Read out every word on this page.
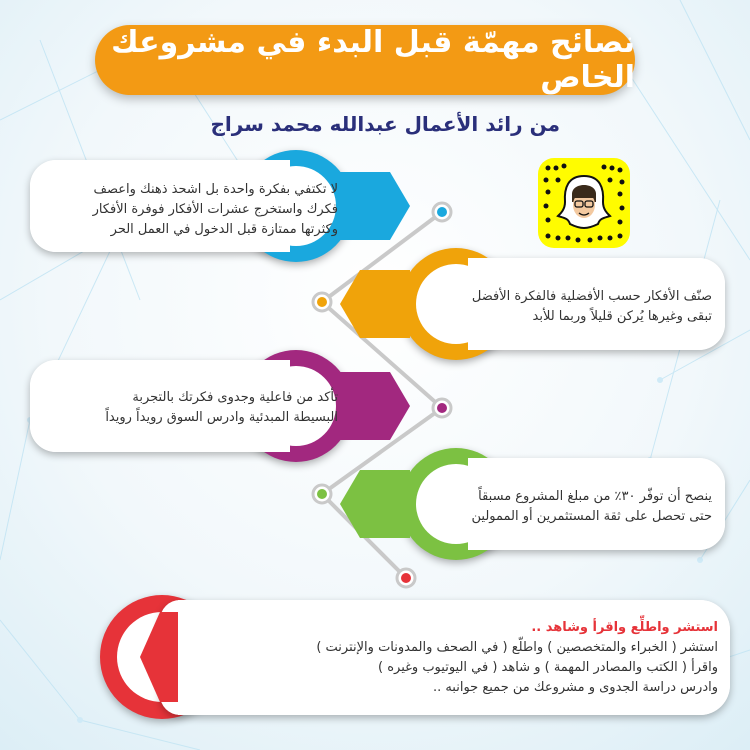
نصائح مهمّة قبل البدء في مشروعك الخاص
من رائد الأعمال عبدالله محمد سراج
لا تكتفي بفكرة واحدة بل اشحذ ذهنك واعصف
فكرك واستخرج عشرات الأفكار فوفرة الأفكار
وكثرتها ممتازة قبل الدخول في العمل الحر
صنّف الأفكار حسب الأفضلية فالفكرة الأفضل
تبقى وغيرها يُركن قليلاً وربما للأبد
تأكد من فاعلية وجدوى فكرتك بالتجربة
البسيطة المبدئية وادرس السوق رويداً رويداً
ينصح أن توفّر ٣٠٪ من مبلغ المشروع مسبقاً
حتى تحصل على ثقة المستثمرين أو الممولين
استشر واطلِّع واقرأ وشاهد ..
استشر ( الخبراء والمتخصصين ) واطلّع ( في الصحف والمدونات والإنترنت )
واقرأ ( الكتب والمصادر المهمة ) و شاهد ( في اليوتيوب وغيره )
وادرس دراسة الجدوى و مشروعك من جميع جوانبه ..
